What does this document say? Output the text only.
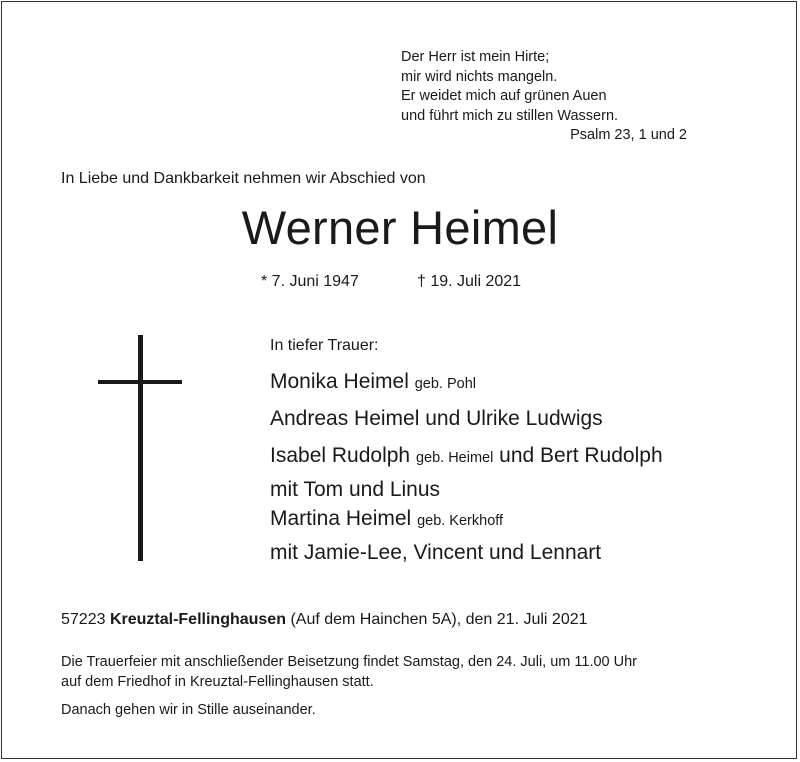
Der Herr ist mein Hirte;
mir wird nichts mangeln.
Er weidet mich auf grünen Auen
und führt mich zu stillen Wassern.
Psalm 23, 1 und 2
In Liebe und Dankbarkeit nehmen wir Abschied von
Werner Heimel
* 7. Juni 1947	† 19. Juli 2021
In tiefer Trauer:
Monika Heimel geb. Pohl
Andreas Heimel und Ulrike Ludwigs
Isabel Rudolph geb. Heimel und Bert Rudolph
mit Tom und Linus
Martina Heimel geb. Kerkhoff
mit Jamie-Lee, Vincent und Lennart
57223 Kreuztal-Fellinghausen (Auf dem Hainchen 5A), den 21. Juli 2021
Die Trauerfeier mit anschließender Beisetzung findet Samstag, den 24. Juli, um 11.00 Uhr
auf dem Friedhof in Kreuztal-Fellinghausen statt.
Danach gehen wir in Stille auseinander.
